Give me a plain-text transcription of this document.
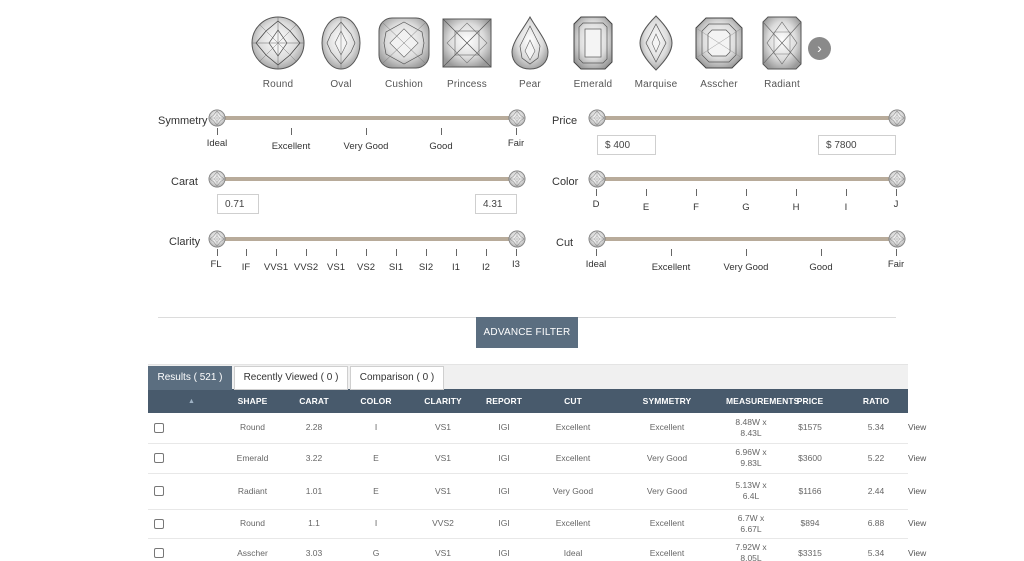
Round	Oval	Cushion	Princess	Pear	Emerald	Marquise	Asscher	Radiant
›
Symmetry
Ideal	Excellent	Very Good	Good	Fair
Carat
0.71
4.31
Clarity
FL IF VVS1 VVS2 VS1 VS2 SI1 SI2 I1 I2 I3
Price
$ 400
$ 7800
Color
D	E	F	G	H	I	J
Cut
Ideal	Excellent	Very Good	Good	Fair
ADVANCE FILTER
Results ( 521 )	Recently Viewed ( 0 )	Comparison ( 0 )
	▲	SHAPE	CARAT	COLOR	CLARITY	REPORT	CUT	SYMMETRY	MEASUREMENTS	PRICE	RATIO	LINK
		Round	2.28	I	VS1	IGI	Excellent	Excellent	8.48W x 8.43L	$1575	5.34	View
		Emerald	3.22	E	VS1	IGI	Excellent	Very Good	6.96W x 9.83L	$3600	5.22	View
		Radiant	1.01	E	VS1	IGI	Very Good	Very Good	5.13W x 6.4L	$1166	2.44	View
		Round	1.1	I	VVS2	IGI	Excellent	Excellent	6.7W x 6.67L	$894	6.88	View
		Asscher	3.03	G	VS1	IGI	Ideal	Excellent	7.92W x 8.05L	$3315	5.34	View
